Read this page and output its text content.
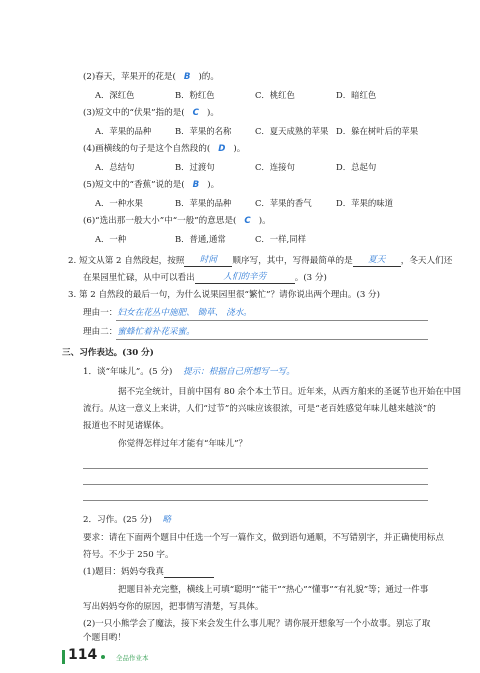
(2)春天，苹果开的花是( B )的。
A．深红色	B．粉红色	C．桃红色	D．暗红色
(3)短文中的“伏果”指的是( C )。
A．苹果的品种	B．苹果的名称	C．夏天成熟的苹果 D．躲在树叶后的苹果
(4)画横线的句子是这个自然段的( D )。
A．总结句	B．过渡句	C．连接句	D．总起句
(5)短文中的“香蕉”说的是( B )。
A．一种水果	B．苹果的品种	C．苹果的香气	D．苹果的味道
(6)“选出那一般大小”中“一般”的意思是( C )。
A．一种	B．普通,通常	C．一样,同样
2. 短文从第 2 自然段起，按照 时间 顺序写，其中，写得最简单的是 夏天 ，冬天人们还
在果园里忙碌，从中可以看出	人们的辛劳	。(3 分)
3. 第 2 自然段的最后一句，为什么说果园里很“繁忙”？请你说出两个理由。(3 分)
理由一：妇女在花丛中施肥、 锄草、 浇水。
理由二：蜜蜂忙着补花采蜜。
三、习作表达。(30 分)
1．谈“年味儿”。(5 分) 提示：根据自己所想写一写。
据不完全统计，目前中国有 80 余个本土节日。近年来，从西方舶来的圣诞节也开始在中国
流行。从这一意义上来讲，人们“过节”的兴味应该很浓，可是“老百姓感觉年味儿越来越淡”的
报道也不时见诸媒体。
你觉得怎样过年才能有“年味儿”？
2．习作。(25 分) 略
要求：请在下面两个题目中任选一个写一篇作文，做到语句通顺，不写错别字，并正确使用标点
符号。不少于 250 字。
(1)题目：妈妈夸我真
把题目补充完整，横线上可填“聪明”“能干”“热心”“懂事”“有礼貌”等；通过一件事
写出妈妈夸你的原因，把事情写清楚，写具体。
(2)一只小熊学会了魔法，接下来会发生什么事儿呢？请你展开想象写一个小故事。别忘了取
个题目哟！
114	全品作业本
